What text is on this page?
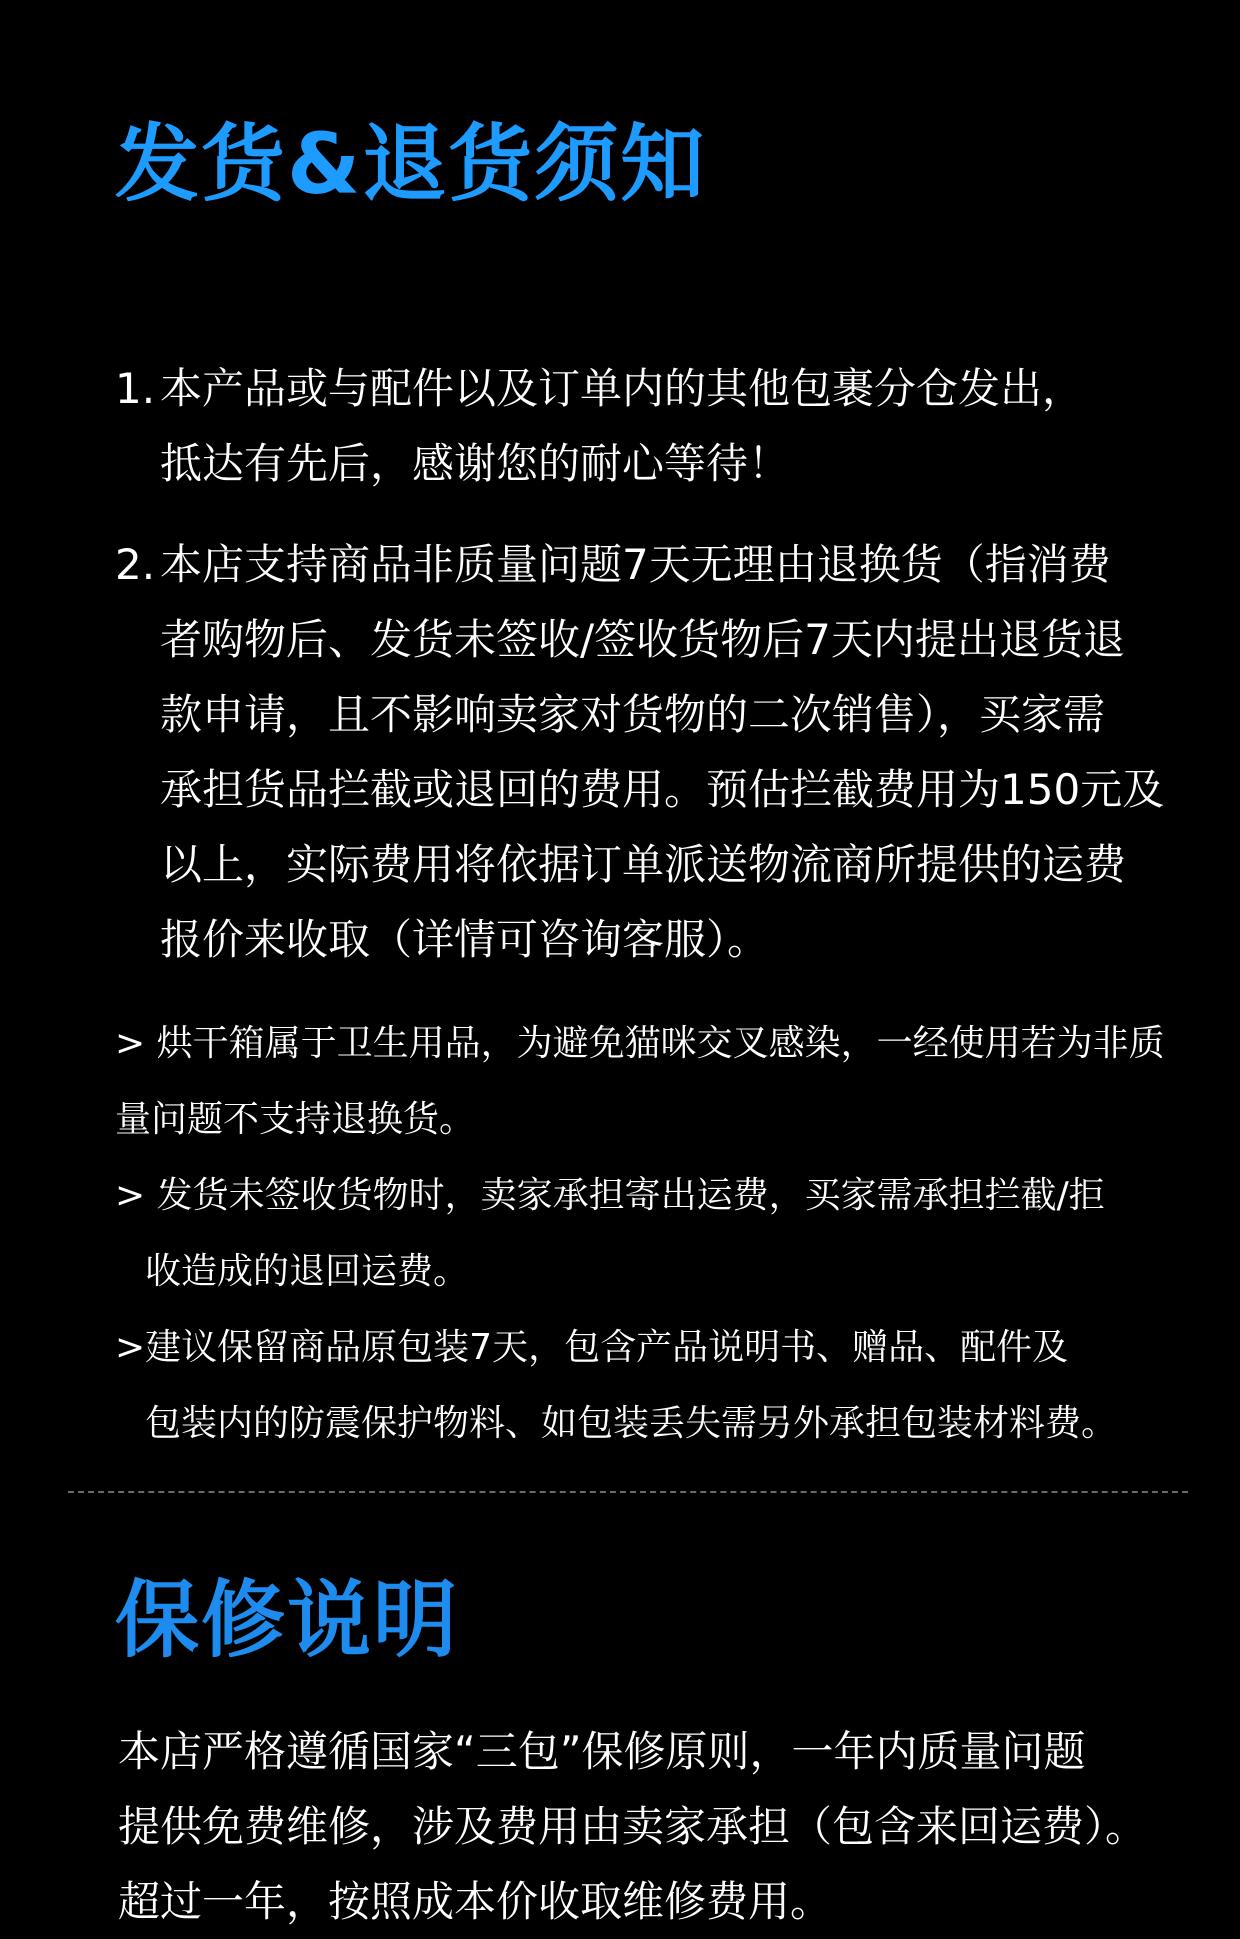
发货&退货须知
1. 本产品或与配件以及订单内的其他包裹分仓发出，
抵达有先后，感谢您的耐心等待！
2. 本店支持商品非质量问题7天无理由退换货（指消费
者购物后、发货未签收/签收货物后7天内提出退货退
款申请，且不影响卖家对货物的二次销售），买家需
承担货品拦截或退回的费用。预估拦截费用为150元及
以上，实际费用将依据订单派送物流商所提供的运费
报价来收取（详情可咨询客服）。
> 烘干箱属于卫生用品，为避免猫咪交叉感染，一经使用若为非质
量问题不支持退换货。
> 发货未签收货物时，卖家承担寄出运费，买家需承担拦截/拒
收造成的退回运费。
>建议保留商品原包装7天，包含产品说明书、赠品、配件及
包装内的防震保护物料、如包装丢失需另外承担包装材料费。
保修说明
本店严格遵循国家“三包”保修原则，一年内质量问题
提供免费维修，涉及费用由卖家承担（包含来回运费）。
超过一年，按照成本价收取维修费用。
